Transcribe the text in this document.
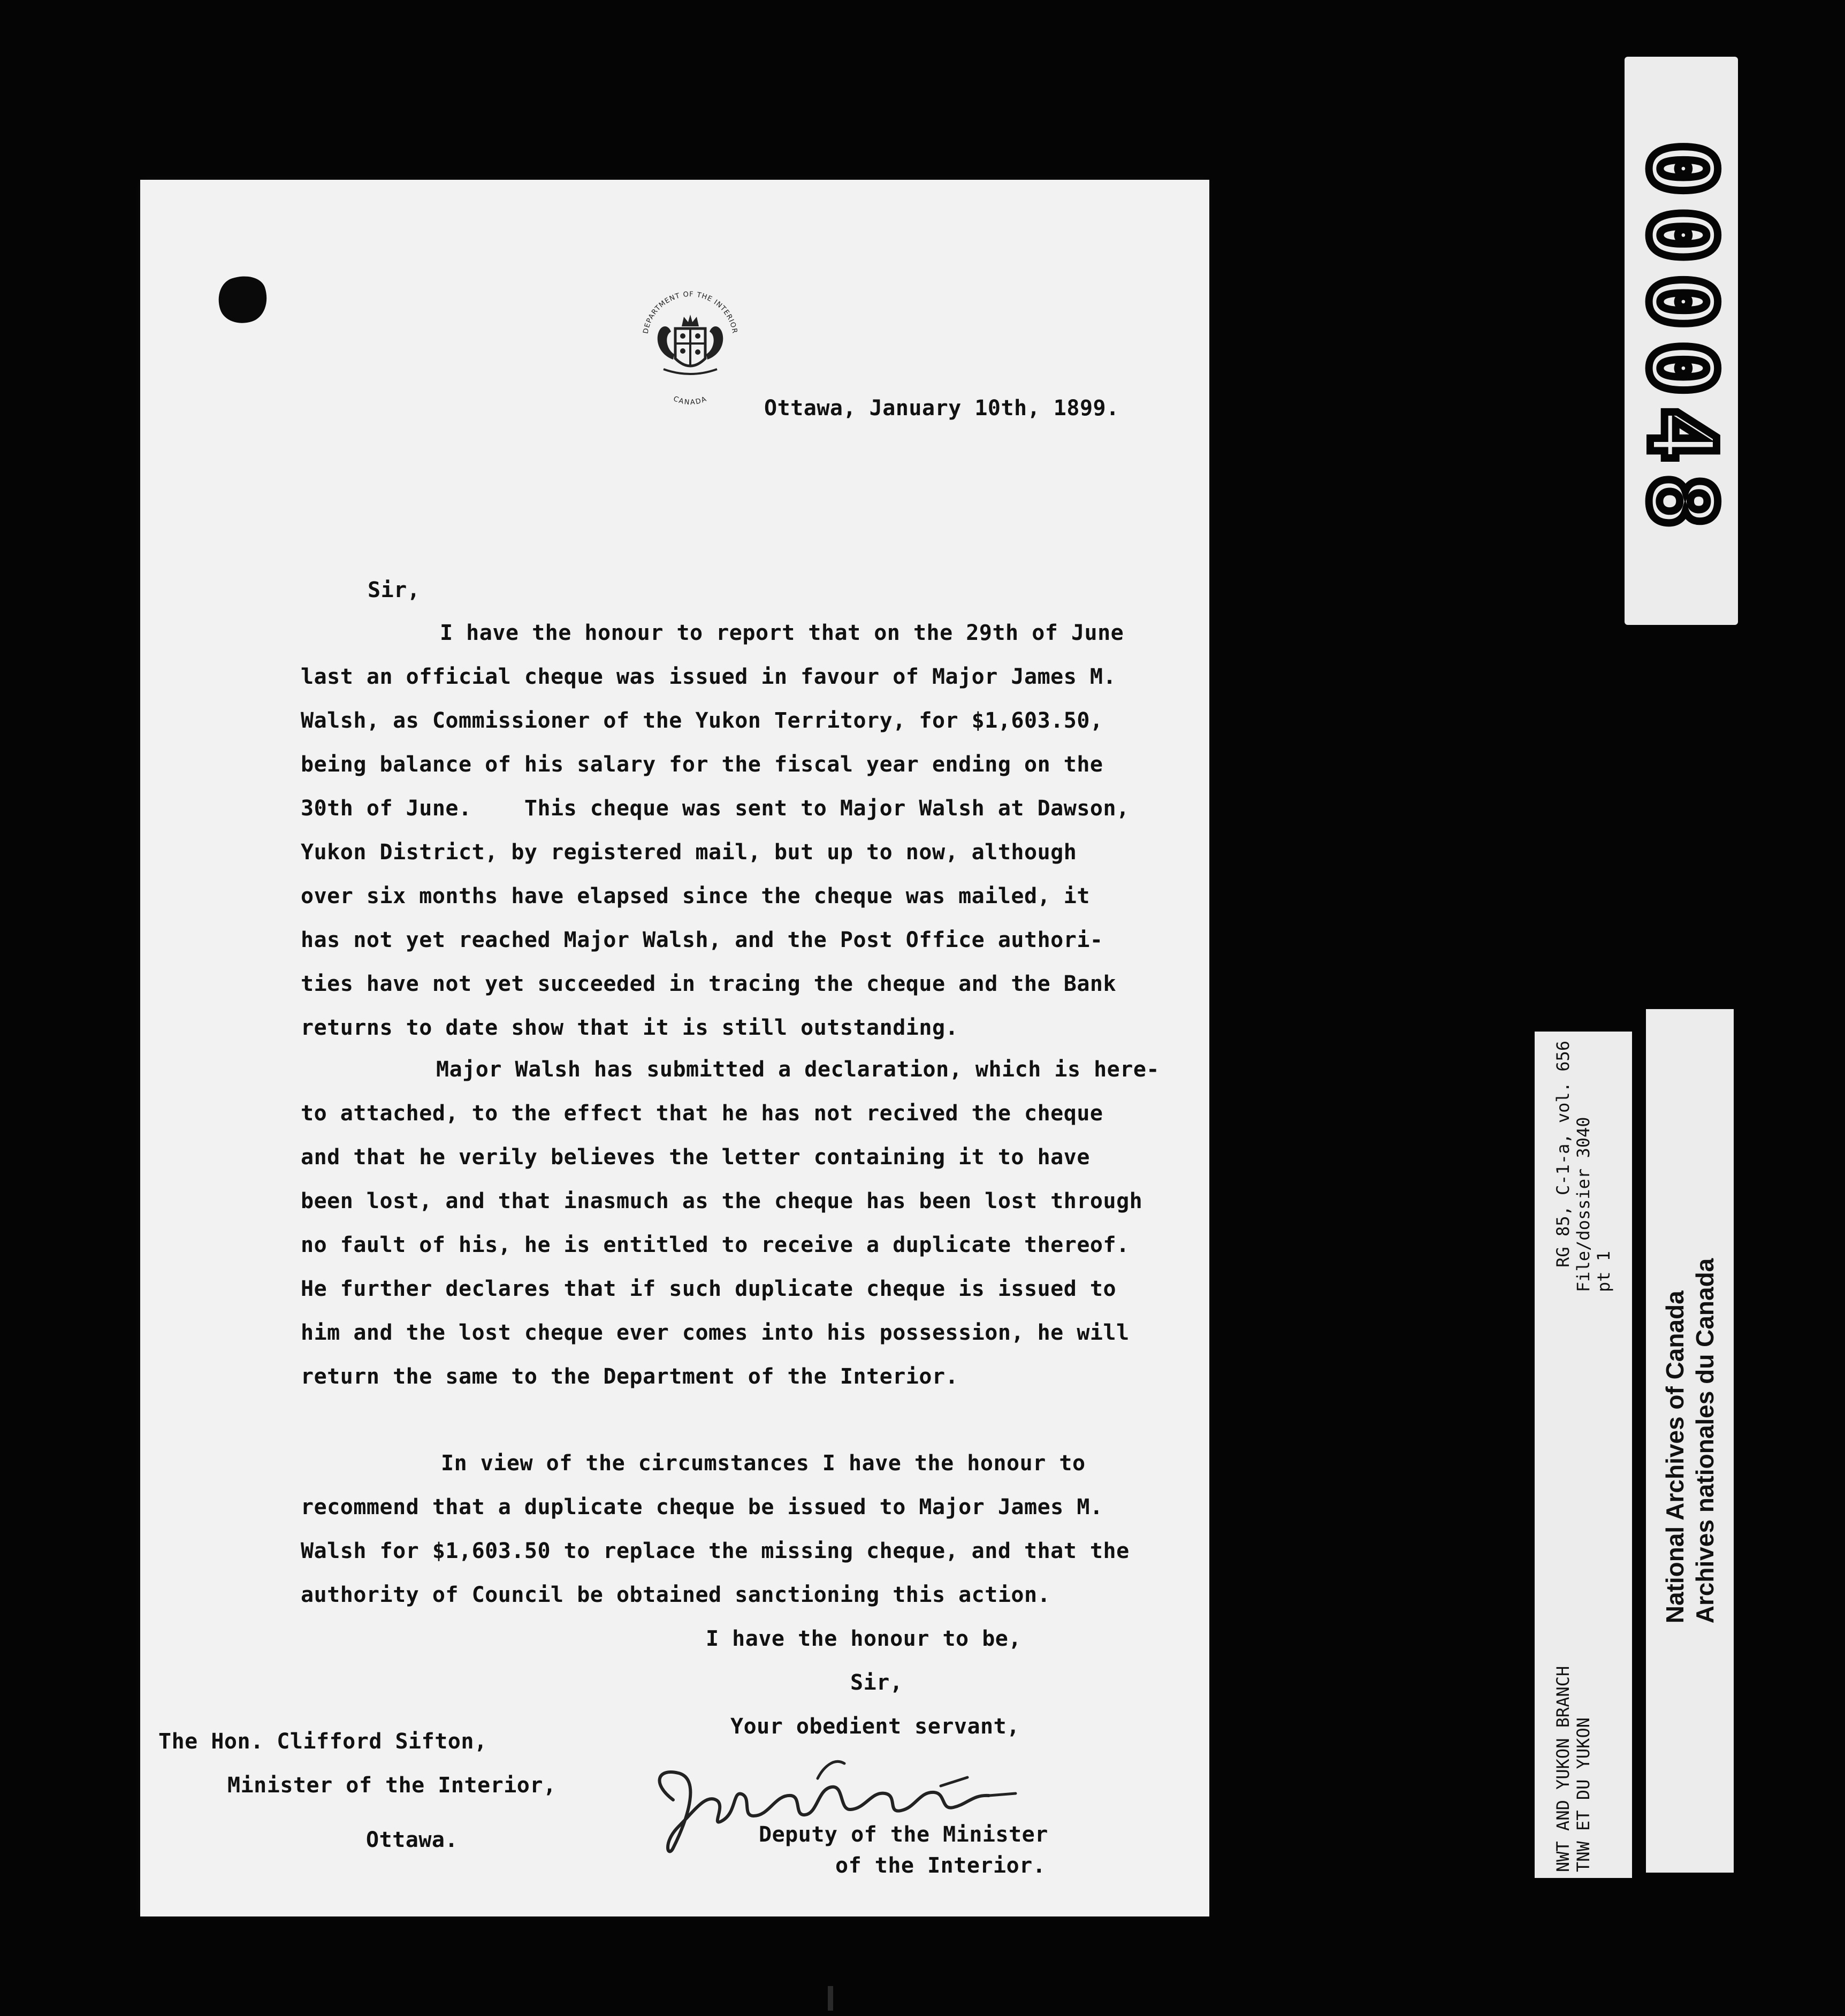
DEPARTMENT OF THE INTERIOR
CANADA	Ottawa, January 10th, 1899.
Sir,
I have the honour to report that on the 29th of June
last an official cheque was issued in favour of Major James M.
Walsh, as Commissioner of the Yukon Territory, for $1,603.50,
being balance of his salary for the fiscal year ending on the
30th of June.    This cheque was sent to Major Walsh at Dawson,
Yukon District, by registered mail, but up to now, although
over six months have elapsed since the cheque was mailed, it
has not yet reached Major Walsh, and the Post Office authori-
ties have not yet succeeded in tracing the cheque and the Bank
returns to date show that it is still outstanding.
Major Walsh has submitted a declaration, which is here-
to attached, to the effect that he has not recived the cheque
and that he verily believes the letter containing it to have
been lost, and that inasmuch as the cheque has been lost through
no fault of his, he is entitled to receive a duplicate thereof.
He further declares that if such duplicate cheque is issued to
him and the lost cheque ever comes into his possession, he will
return the same to the Department of the Interior.
In view of the circumstances I have the honour to
recommend that a duplicate cheque be issued to Major James M.
Walsh for $1,603.50 to replace the missing cheque, and that the
authority of Council be obtained sanctioning this action.
I have the honour to be,
Sir,
Your obedient servant,
The Hon. Clifford Sifton,
Minister of the Interior,
Ottawa.	Deputy of the Minister
of the Interior.
000048
NWT AND YUKON BRANCH TNW ET DU YUKON
RG 85, C-1-a, vol. 656 File/dossier 3040 pt 1
National Archives of Canada Archives nationales du Canada
